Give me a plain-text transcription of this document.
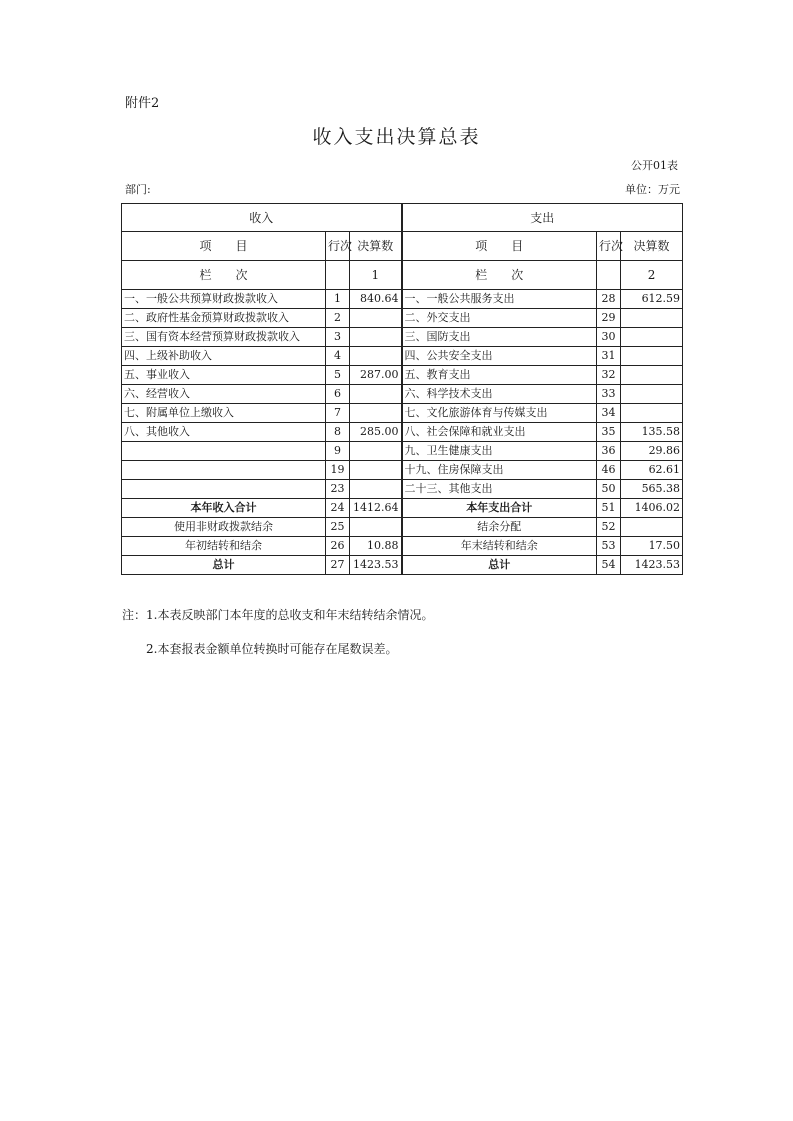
附件2
收入支出决算总表
公开01表
部门:	单位：万元
收入			支出		
项　　目	行次	决算数	项　　目	行次	决算数
栏　　次		1	栏　　次		2
一、一般公共预算财政拨款收入	1	840.64	一、一般公共服务支出	28	612.59
二、政府性基金预算财政拨款收入	2		二、外交支出	29	
三、国有资本经营预算财政拨款收入	3		三、国防支出	30	
四、上级补助收入	4		四、公共安全支出	31	
五、事业收入	5	287.00	五、教育支出	32	
六、经营收入	6		六、科学技术支出	33	
七、附属单位上缴收入	7		七、文化旅游体育与传媒支出	34	
八、其他收入	8	285.00	八、社会保障和就业支出	35	135.58
	9		九、卫生健康支出	36	29.86
	19		十九、住房保障支出	46	62.61
	23		二十三、其他支出	50	565.38
本年收入合计	24	1412.64	本年支出合计	51	1406.02
使用非财政拨款结余	25		结余分配	52	
年初结转和结余	26	10.88	年末结转和结余	53	17.50
总计	27	1423.53	总计	54	1423.53
注：1.本表反映部门本年度的总收支和年末结转结余情况。
2.本套报表金额单位转换时可能存在尾数误差。
